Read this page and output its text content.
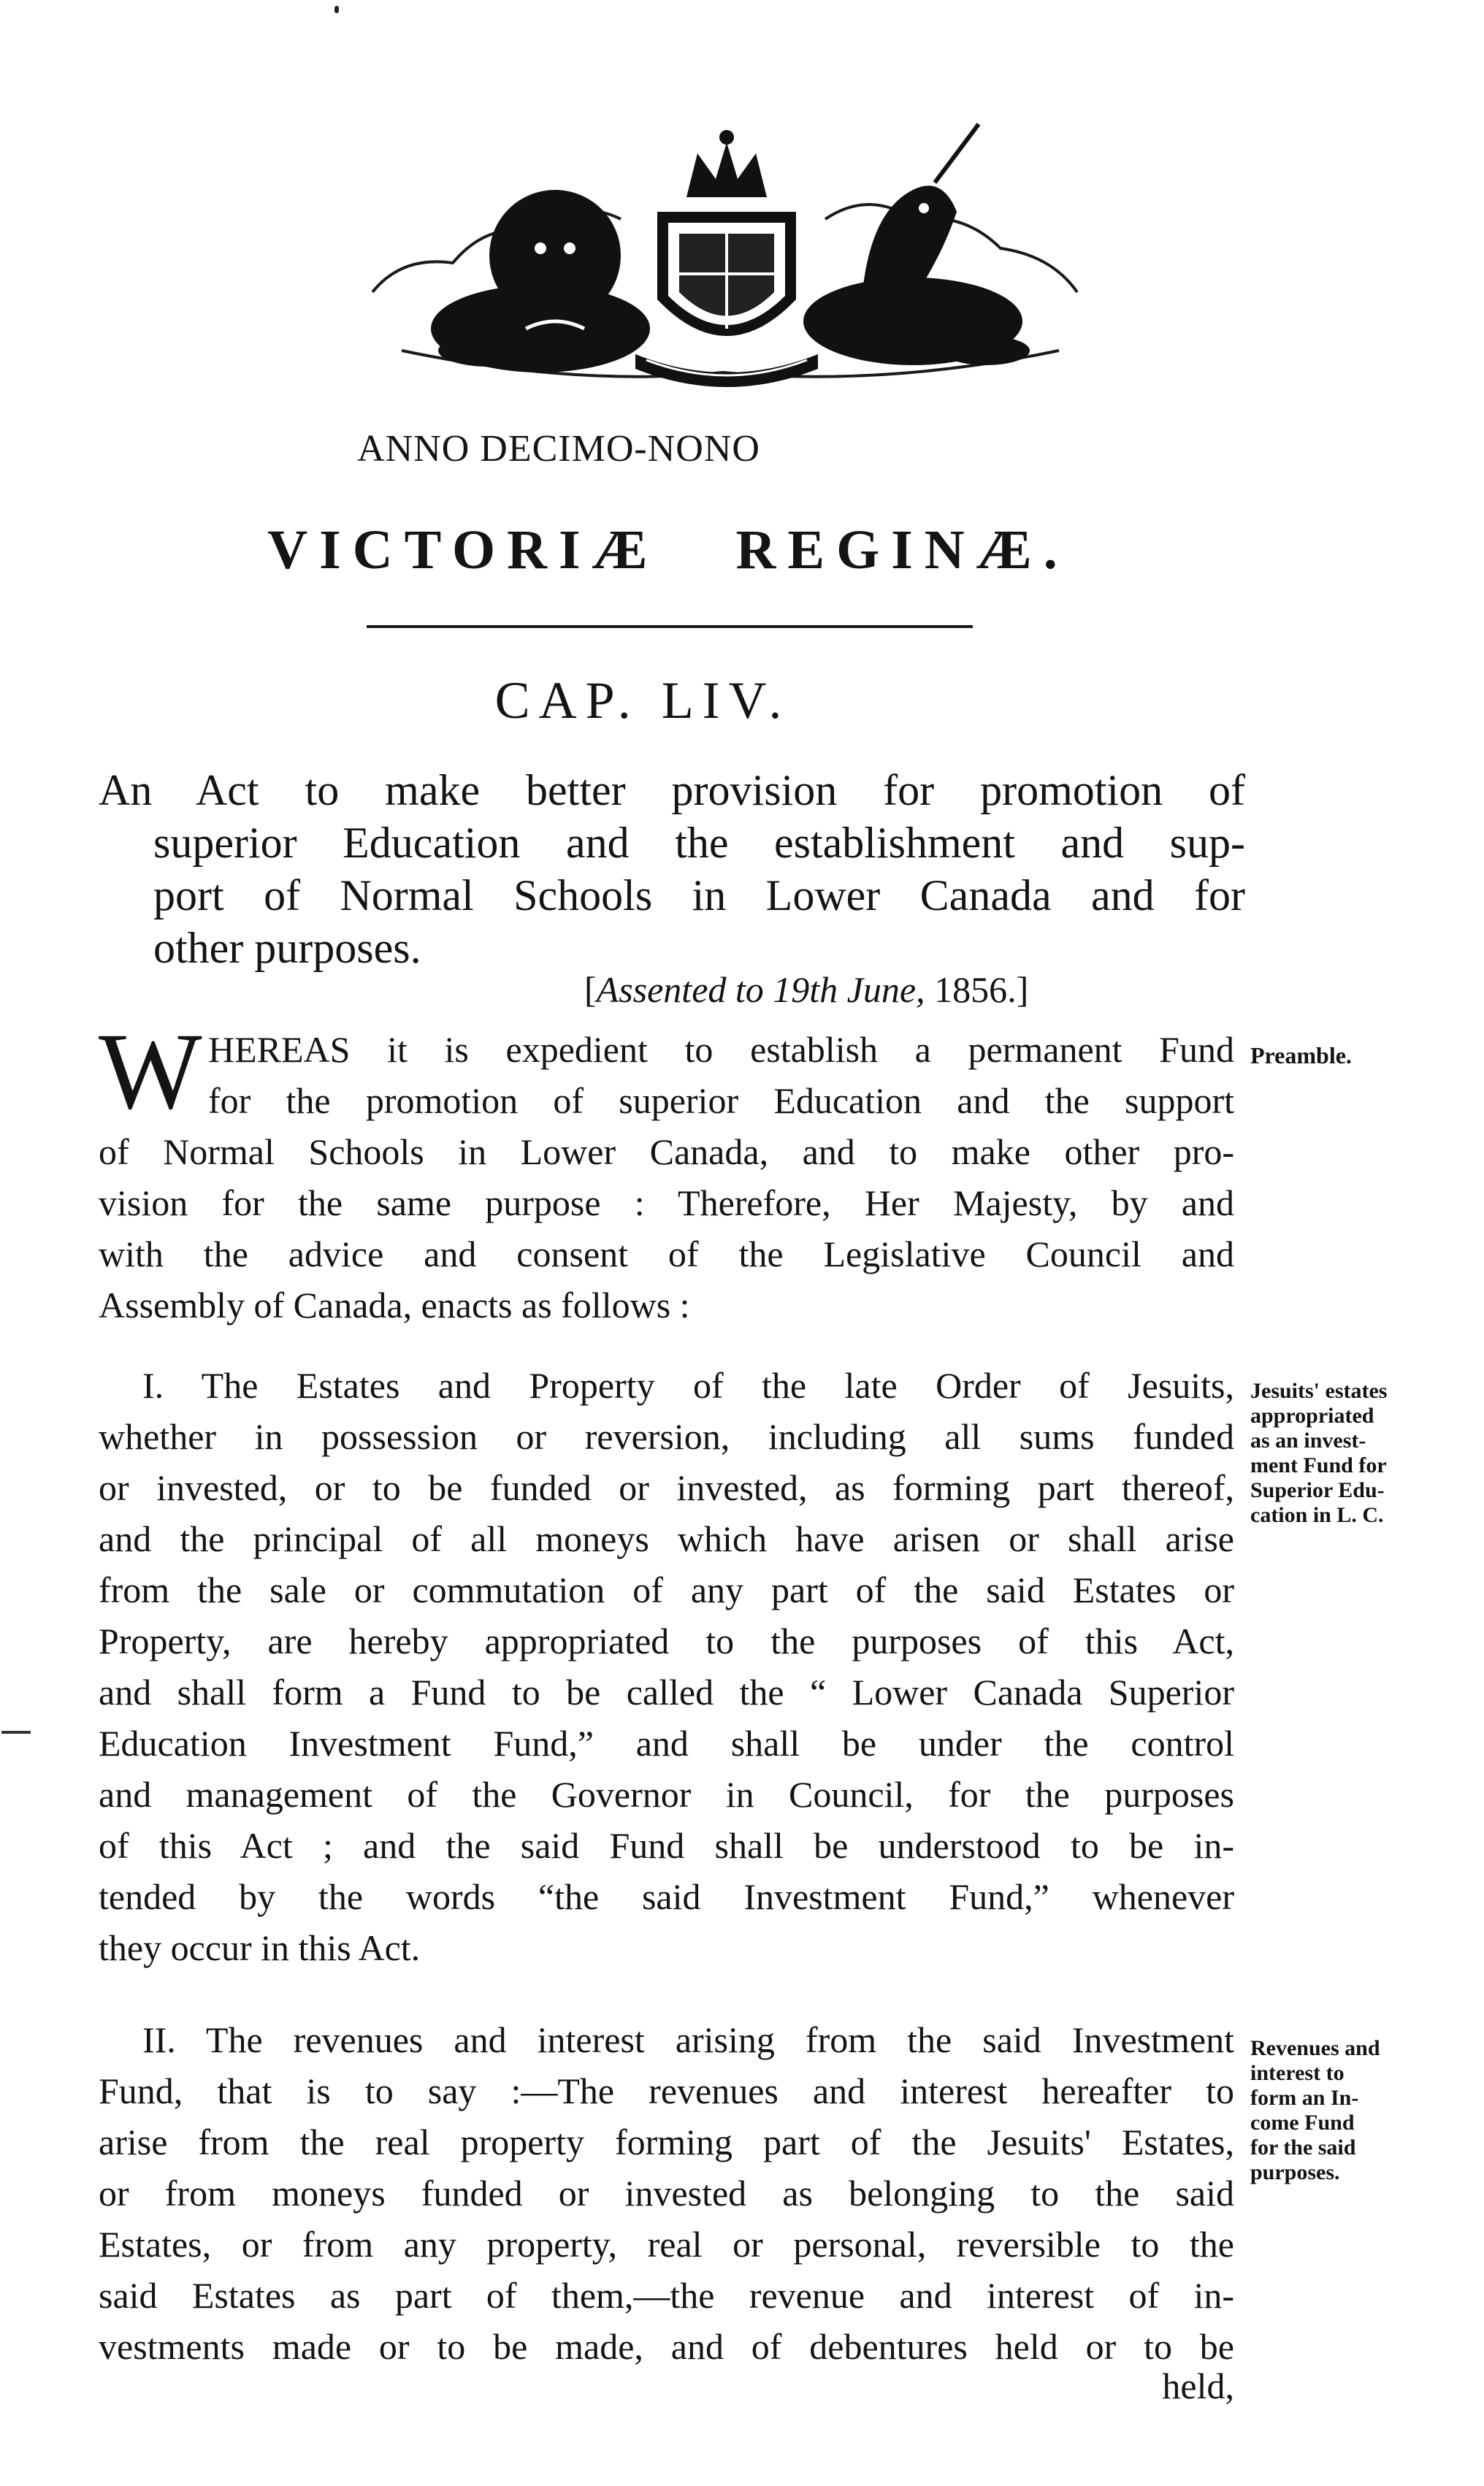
ANNO DECIMO-NONO
VICTORIÆ   REGINÆ.
CAP. LIV.
An Act to make better provision for promotion of
superior Education and the establishment and sup-
port of Normal Schools in Lower Canada and for
other purposes.
[Assented to 19th June, 1856.]
W HEREAS it is expedient to establish a permanent Fund
for the promotion of superior Education and the support
of Normal Schools in Lower Canada, and to make other pro-
vision for the same purpose : Therefore, Her Majesty, by and
with the advice and consent of the Legislative Council and
Assembly of Canada, enacts as follows :
Preamble.
I. The Estates and Property of the late Order of Jesuits,
whether in possession or reversion, including all sums funded
or invested, or to be funded or invested, as forming part thereof,
and the principal of all moneys which have arisen or shall arise
from the sale or commutation of any part of the said Estates or
Property, are hereby appropriated to the purposes of this Act,
and shall form a Fund to be called the “ Lower Canada Superior
Education Investment Fund,” and shall be under the control
and management of the Governor in Council, for the purposes
of this Act ; and the said Fund shall be understood to be in-
tended by the words “the said Investment Fund,” whenever
they occur in this Act.
Jesuits' estates
appropriated
as an invest-
ment Fund for
Superior Edu-
cation in L. C.
II. The revenues and interest arising from the said Investment
Fund, that is to say :—The revenues and interest hereafter to
arise from the real property forming part of the Jesuits' Estates,
or from moneys funded or invested as belonging to the said
Estates, or from any property, real or personal, reversible to the
said Estates as part of them,—the revenue and interest of in-
vestments made or to be made, and of debentures held or to be
held,
Revenues and
interest to
form an In-
come Fund
for the said
purposes.
